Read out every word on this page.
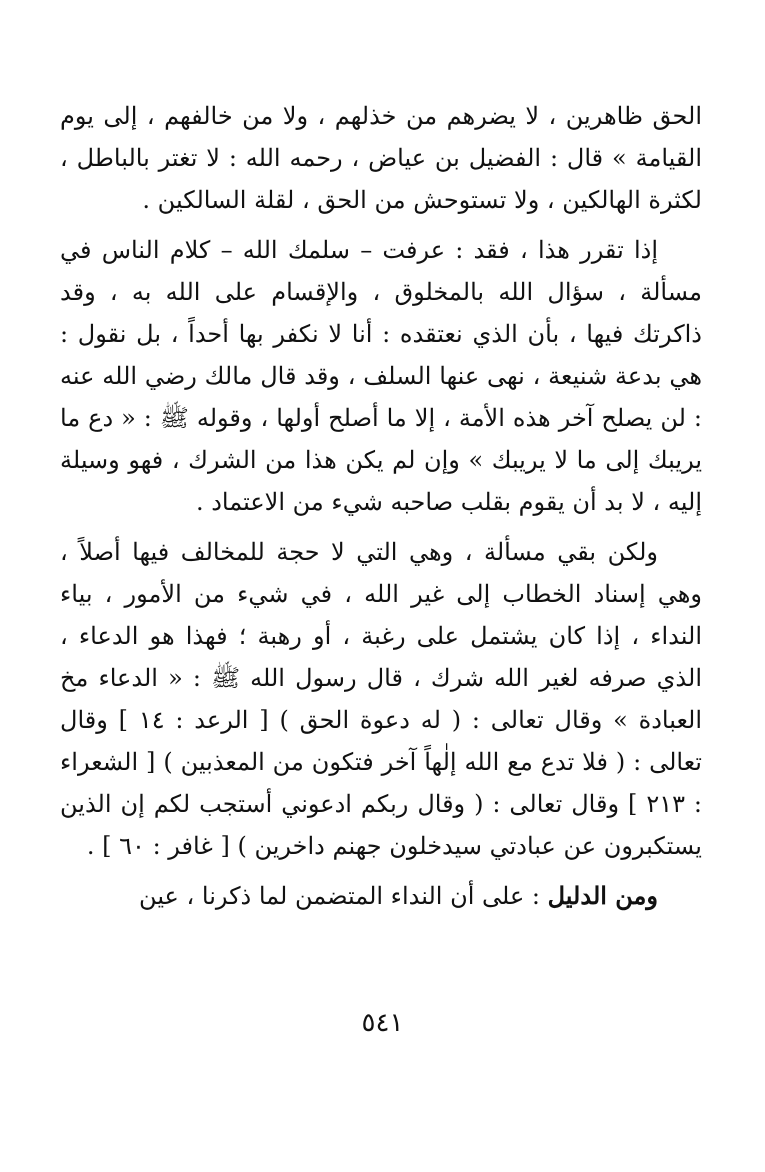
الحق ظاهرين ، لا يضرهم من خذلهم ، ولا من خالفهم ، إلى يوم القيامة » قال : الفضيل بن عياض ، رحمه الله : لا تغتر بالباطل ، لكثرة الهالكين ، ولا تستوحش من الحق ، لقلة السالكين .

إذا تقرر هذا ، فقد : عرفت – سلمك الله – كلام الناس في مسألة ، سؤال الله بالمخلوق ، والإقسام على الله به ، وقد ذاكرتك فيها ، بأن الذي نعتقده : أنا لا نكفر بها أحداً ، بل نقول : هي بدعة شنيعة ، نهى عنها السلف ، وقد قال مالك رضي الله عنه : لن يصلح آخر هذه الأمة ، إلا ما أصلح أولها ، وقوله ﷺ : « دع ما يريبك إلى ما لا يريبك » وإن لم يكن هذا من الشرك ، فهو وسيلة إليه ، لا بد أن يقوم بقلب صاحبه شيء من الاعتماد .

ولكن بقي مسألة ، وهي التي لا حجة للمخالف فيها أصلاً ، وهي إسناد الخطاب إلى غير الله ، في شيء من الأمور ، بياء النداء ، إذا كان يشتمل على رغبة ، أو رهبة ؛ فهذا هو الدعاء ، الذي صرفه لغير الله شرك ، قال رسول الله ﷺ : « الدعاء مخ العبادة » وقال تعالى : ( له دعوة الحق ) [ الرعد : ١٤ ] وقال تعالى : ( فلا تدع مع الله إلٰهاً آخر فتكون من المعذبين ) [ الشعراء : ٢١٣ ] وقال تعالى : ( وقال ربكم ادعوني أستجب لكم إن الذين يستكبرون عن عبادتي سيدخلون جهنم داخرين ) [ غافر : ٦٠ ] .

ومن الدليل : على أن النداء المتضمن لما ذكرنا ، عين

٥٤١
